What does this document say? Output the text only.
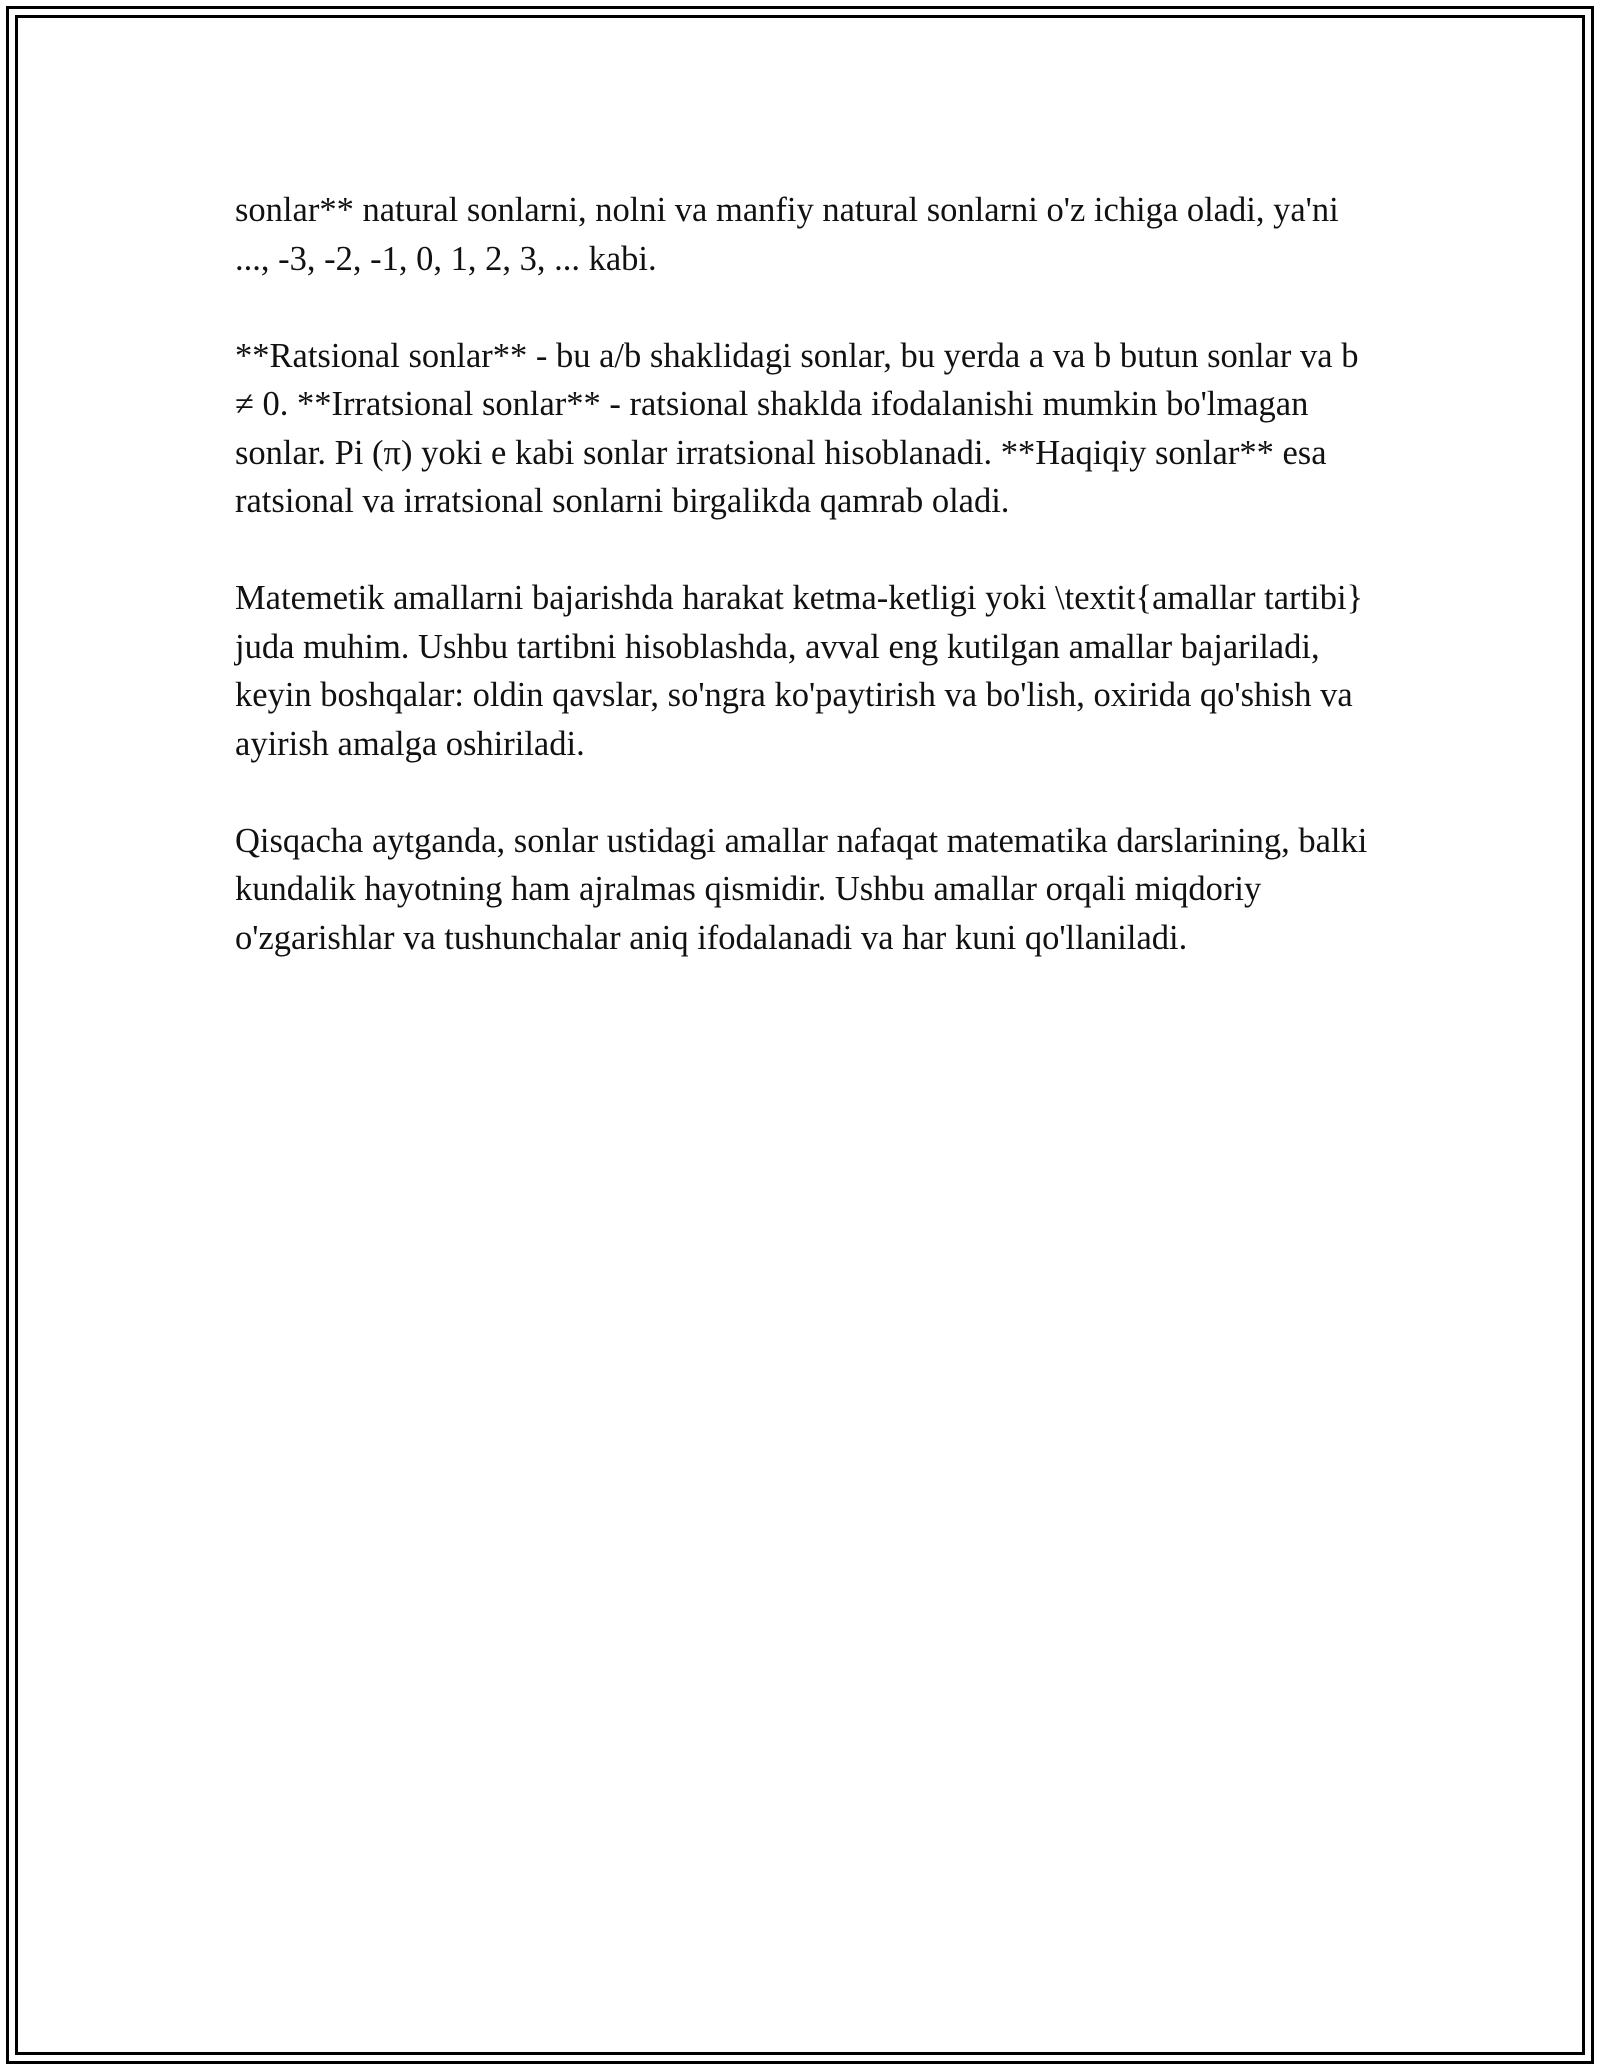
sonlar** natural sonlarni, nolni va manfiy natural sonlarni o'z ichiga oladi, ya'ni ..., -3, -2, -1, 0, 1, 2, 3, ... kabi.

**Ratsional sonlar** - bu a/b shaklidagi sonlar, bu yerda a va b butun sonlar va b ≠ 0. **Irratsional sonlar** - ratsional shaklda ifodalanishi mumkin bo'lmagan sonlar. Pi (π) yoki e kabi sonlar irratsional hisoblanadi. **Haqiqiy sonlar** esa ratsional va irratsional sonlarni birgalikda qamrab oladi.

Matemetik amallarni bajarishda harakat ketma-ketligi yoki \textit{amallar tartibi} juda muhim. Ushbu tartibni hisoblashda, avval eng kutilgan amallar bajariladi, keyin boshqalar: oldin qavslar, so'ngra ko'paytirish va bo'lish, oxirida qo'shish va ayirish amalga oshiriladi.

Qisqacha aytganda, sonlar ustidagi amallar nafaqat matematika darslarining, balki kundalik hayotning ham ajralmas qismidir. Ushbu amallar orqali miqdoriy o'zgarishlar va tushunchalar aniq ifodalanadi va har kuni qo'llaniladi.
